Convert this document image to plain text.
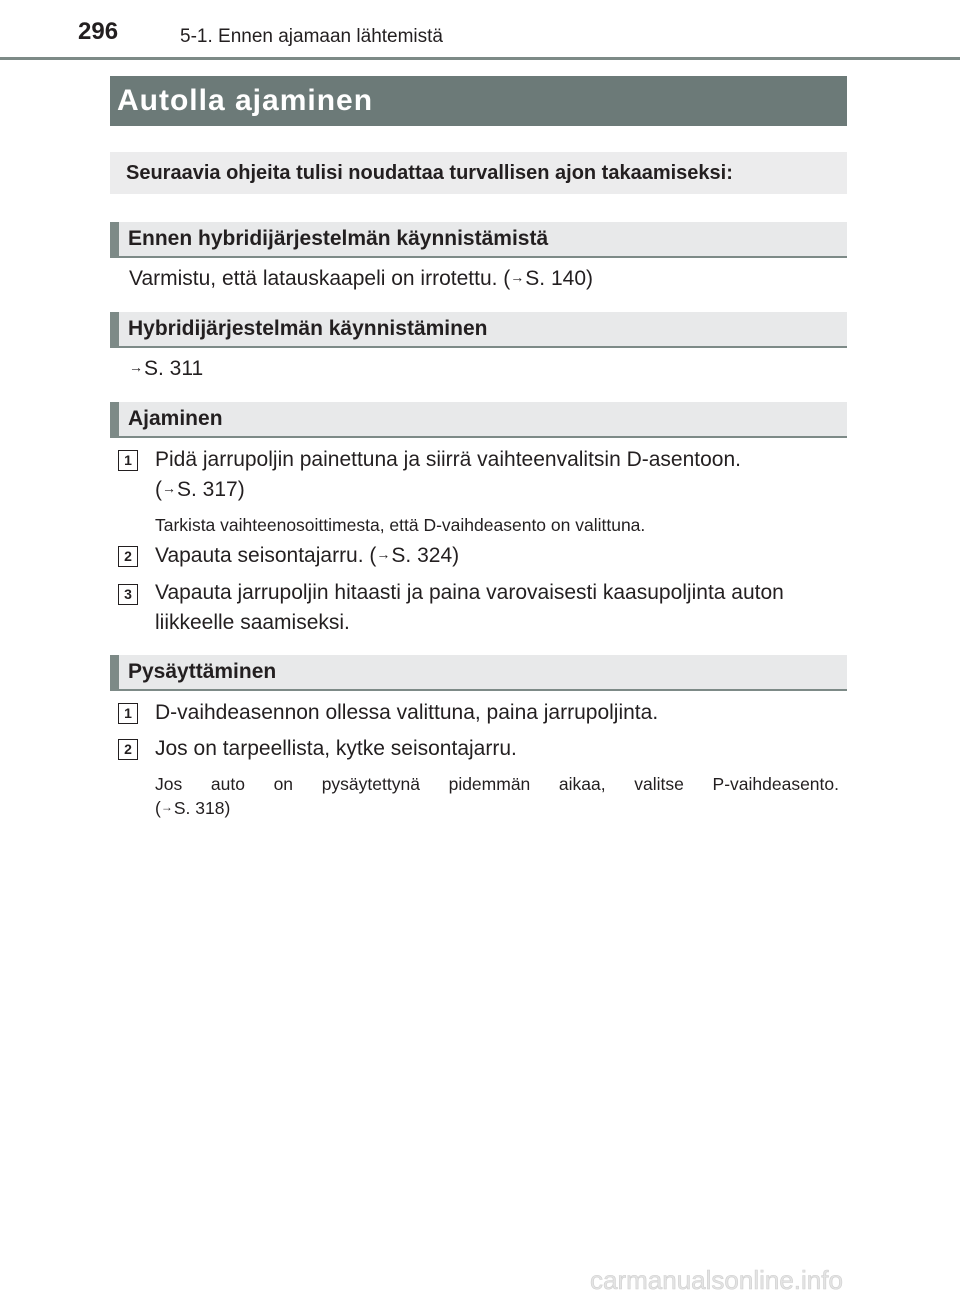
296	5-1. Ennen ajamaan lähtemistä
Autolla ajaminen
Seuraavia ohjeita tulisi noudattaa turvallisen ajon takaamiseksi:
Ennen hybridijärjestelmän käynnistämistä
Varmistu, että latauskaapeli on irrotettu. (→S. 140)
Hybridijärjestelmän käynnistäminen
→S. 311
Ajaminen
1 Pidä jarrupoljin painettuna ja siirrä vaihteenvalitsin D-asentoon.
(→S. 317)
Tarkista vaihteenosoittimesta, että D-vaihdeasento on valittuna.
2 Vapauta seisontajarru. (→S. 324)
3 Vapauta jarrupoljin hitaasti ja paina varovaisesti kaasupoljinta auton
liikkeelle saamiseksi.
Pysäyttäminen
1 D-vaihdeasennon ollessa valittuna, paina jarrupoljinta.
2 Jos on tarpeellista, kytke seisontajarru.
Jos auto on pysäytettynä pidemmän aikaa, valitse P-vaihdeasento.
(→S. 318)
carmanualsonline.info
